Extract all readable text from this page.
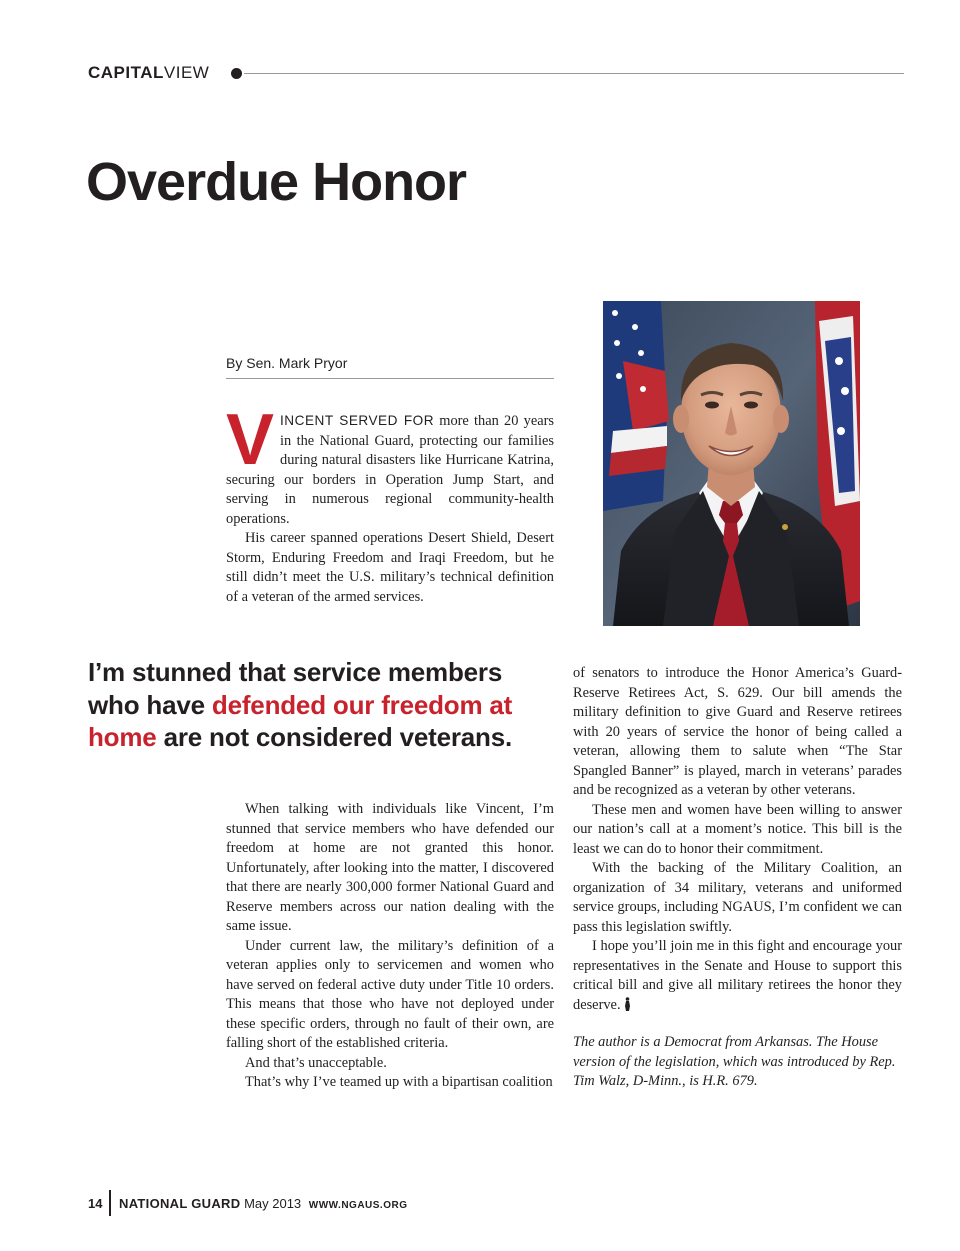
CAPITALVIEW
Overdue Honor
By Sen. Mark Pryor

VINCENT SERVED FOR more than 20 years in the National Guard, protecting our families during natural disasters like Hurricane Katrina, securing our borders in Operation Jump Start, and serving in numerous regional community-health operations.

His career spanned operations Desert Shield, Desert Storm, Enduring Freedom and Iraqi Freedom, but he still didn’t meet the U.S. military’s technical definition of a veteran of the armed services.

I’m stunned that service members who have defended our freedom at home are not considered veterans.

When talking with individuals like Vincent, I’m stunned that service members who have defended our freedom at home are not granted this honor. Unfortunately, after looking into the matter, I discovered that there are nearly 300,000 former National Guard and Reserve members across our nation dealing with the same issue.

Under current law, the military’s definition of a veteran applies only to servicemen and women who have served on federal active duty under Title 10 orders. This means that those who have not deployed under these specific orders, through no fault of their own, are falling short of the established criteria.

And that’s unacceptable.

That’s why I’ve teamed up with a bipartisan coalition

of senators to introduce the Honor America’s Guard-Reserve Retirees Act, S. 629. Our bill amends the military definition to give Guard and Reserve retirees with 20 years of service the honor of being called a veteran, allowing them to salute when “The Star Spangled Banner” is played, march in veterans’ parades and be recognized as a veteran by other veterans.

These men and women have been willing to answer our nation’s call at a moment’s notice. This bill is the least we can do to honor their commitment.

With the backing of the Military Coalition, an organization of 34 military, veterans and uniformed service groups, including NGAUS, I’m confident we can pass this legislation swiftly.

I hope you’ll join me in this fight and encourage your representatives in the Senate and House to support this critical bill and give all military retirees the honor they deserve.

The author is a Democrat from Arkansas. The House version of the legislation, which was introduced by Rep. Tim Walz, D-Minn., is H.R. 679.
14 NATIONAL GUARD May 2013 WWW.NGAUS.ORG
